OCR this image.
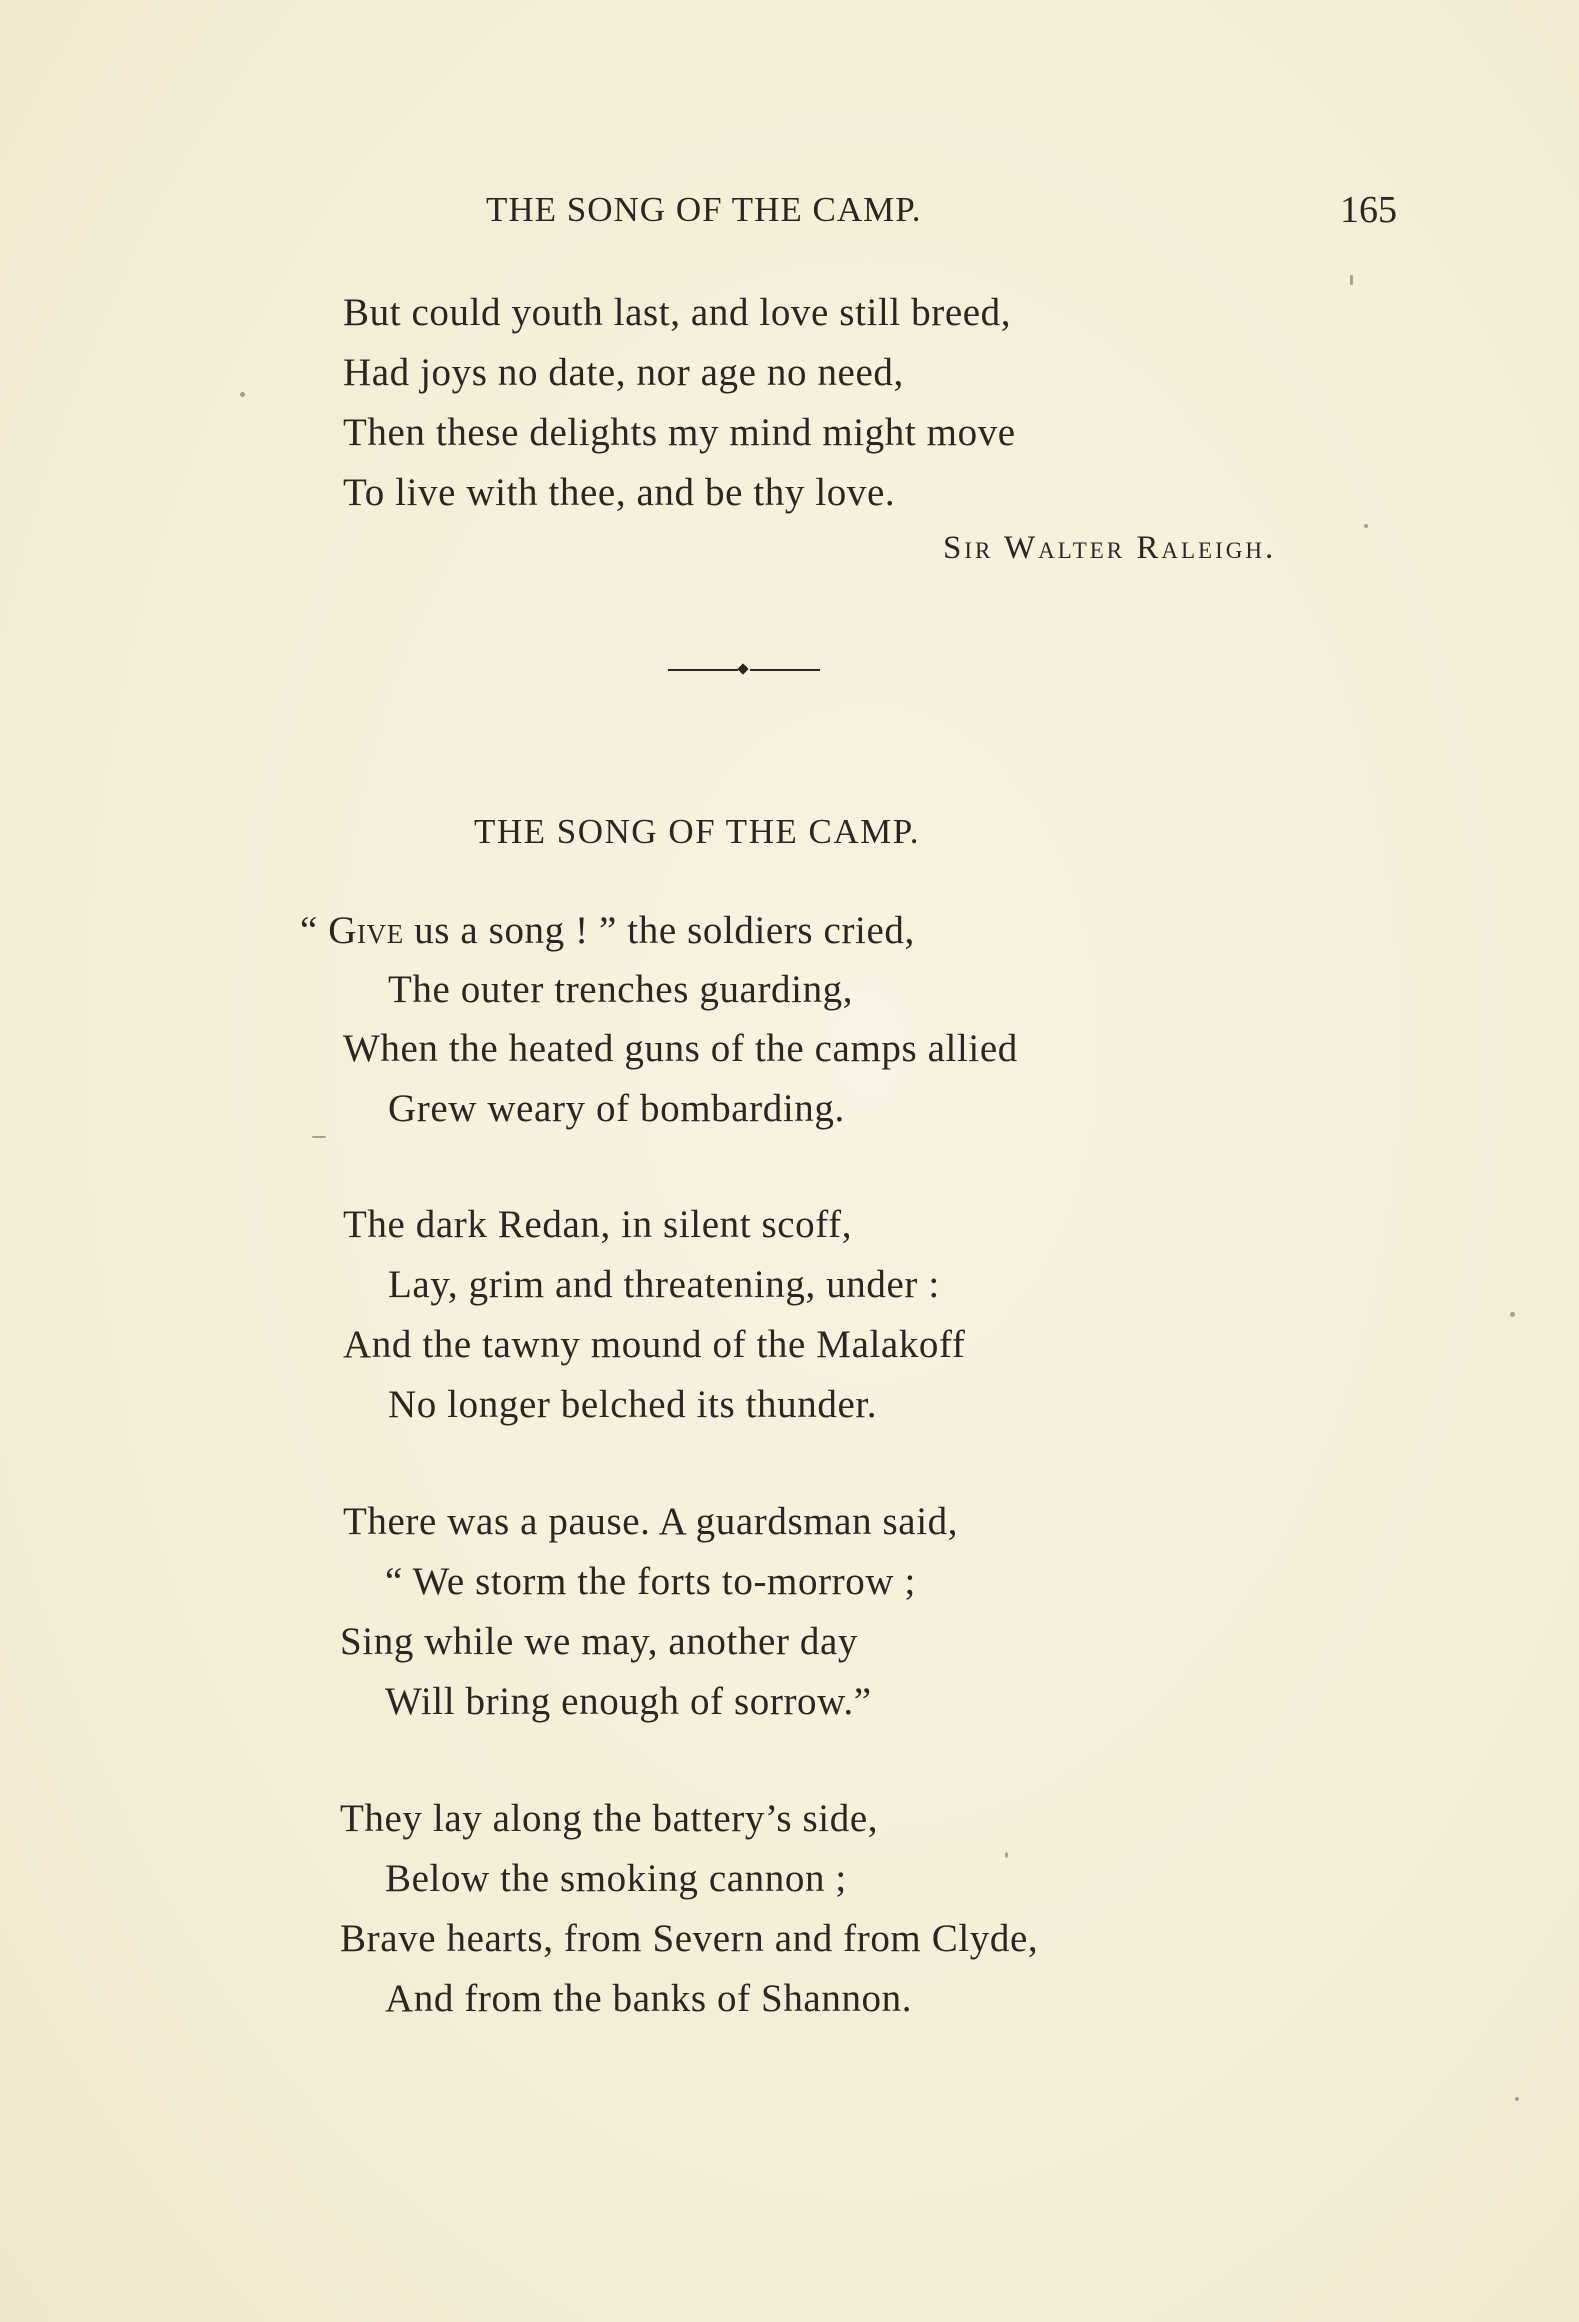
THE SONG OF THE CAMP.	165
But could youth last, and love still breed,
Had joys no date, nor age no need,
Then these delights my mind might move
To live with thee, and be thy love.
Sir Walter Raleigh.
THE SONG OF THE CAMP.
“ Give us a song ! ” the soldiers cried,
The outer trenches guarding,
When the heated guns of the camps allied
Grew weary of bombarding.
The dark Redan, in silent scoff,
Lay, grim and threatening, under :
And the tawny mound of the Malakoff
No longer belched its thunder.
There was a pause. A guardsman said,
“ We storm the forts to-morrow ;
Sing while we may, another day
Will bring enough of sorrow.”
They lay along the battery’s side,
Below the smoking cannon ;
Brave hearts, from Severn and from Clyde,
And from the banks of Shannon.
